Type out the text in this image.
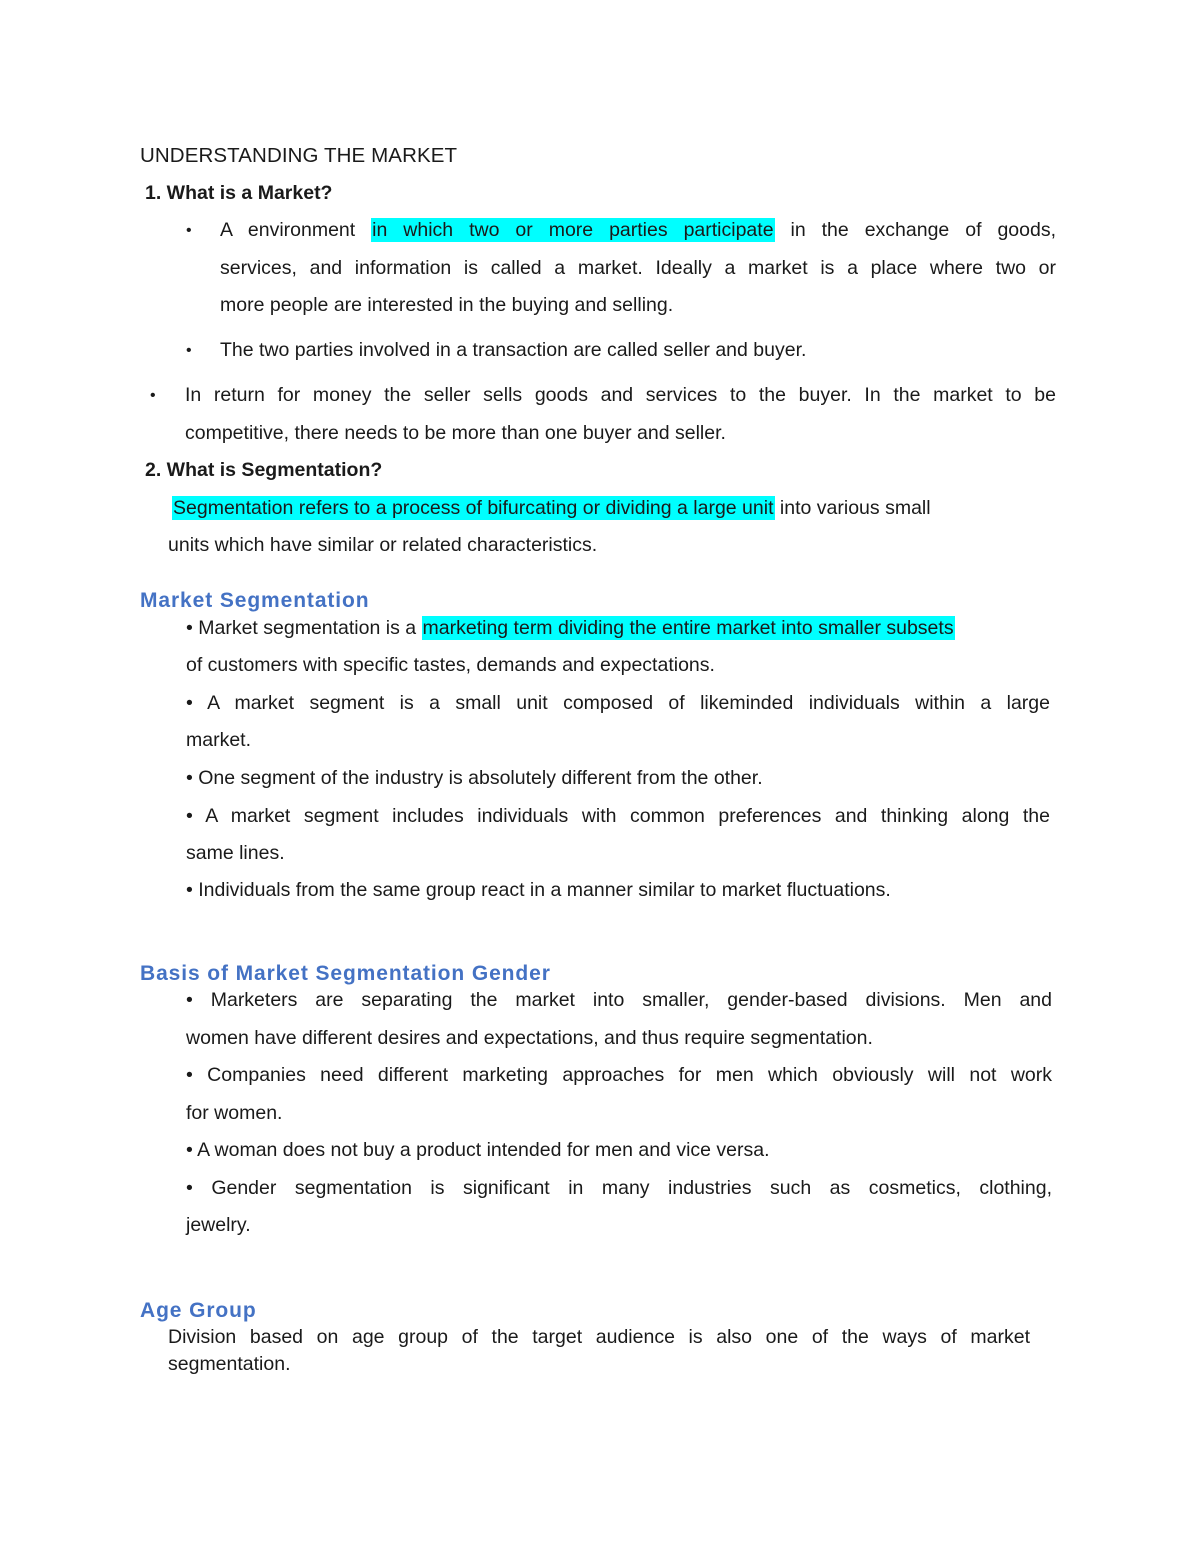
UNDERSTANDING THE MARKET
1. What is a Market?
• A environment in which two or more parties participate in the exchange of goods,
services, and information is called a market. Ideally a market is a place where two or
more people are interested in the buying and selling.
• The two parties involved in a transaction are called seller and buyer.
• In return for money the seller sells goods and services to the buyer. In the market to be
competitive, there needs to be more than one buyer and seller.
2. What is Segmentation?
Segmentation refers to a process of bifurcating or dividing a large unit into various small
units which have similar or related characteristics.
Market Segmentation
• Market segmentation is a marketing term dividing the entire market into smaller subsets
of customers with specific tastes, demands and expectations.
• A market segment is a small unit composed of likeminded individuals within a large
market.
• One segment of the industry is absolutely different from the other.
• A market segment includes individuals with common preferences and thinking along the
same lines.
• Individuals from the same group react in a manner similar to market fluctuations.
Basis of Market Segmentation Gender
• Marketers are separating the market into smaller, gender-based divisions. Men and
women have different desires and expectations, and thus require segmentation.
• Companies need different marketing approaches for men which obviously will not work
for women.
• A woman does not buy a product intended for men and vice versa.
• Gender segmentation is significant in many industries such as cosmetics, clothing,
jewelry.
Age Group
Division based on age group of the target audience is also one of the ways of market
segmentation.
